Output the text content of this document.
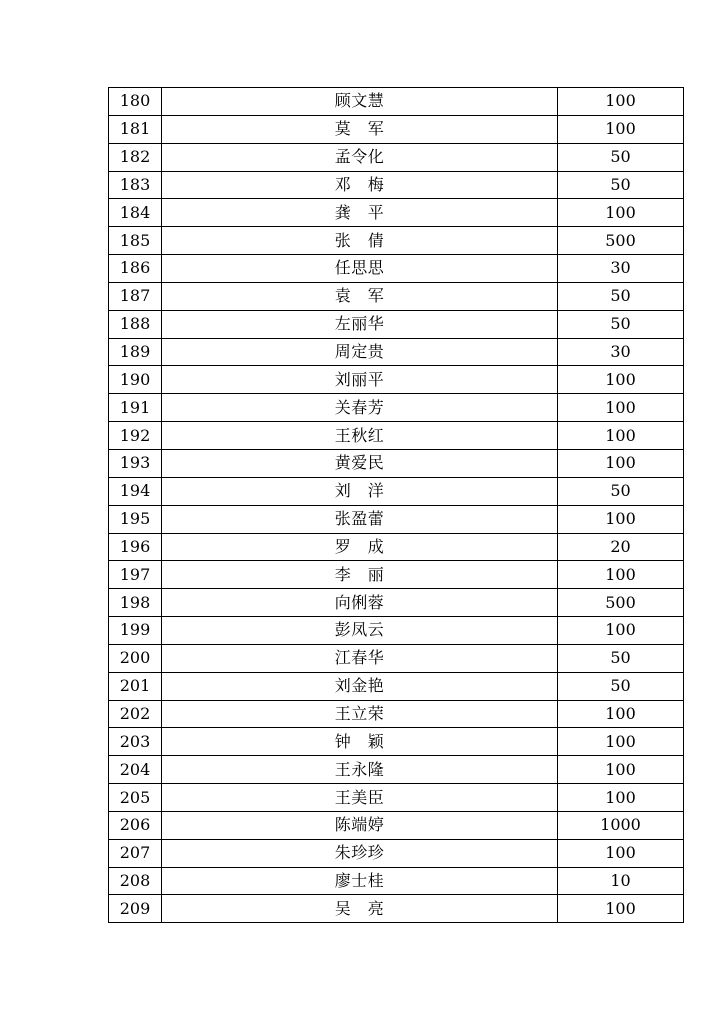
180	顾文慧	100
181	莫　军	100
182	孟令化	50
183	邓　梅	50
184	龚　平	100
185	张　倩	500
186	任思思	30
187	袁　军	50
188	左丽华	50
189	周定贵	30
190	刘丽平	100
191	关春芳	100
192	王秋红	100
193	黄爱民	100
194	刘　洋	50
195	张盈蕾	100
196	罗　成	20
197	李　丽	100
198	向俐蓉	500
199	彭凤云	100
200	江春华	50
201	刘金艳	50
202	王立荣	100
203	钟　颖	100
204	王永隆	100
205	王美臣	100
206	陈端婷	1000
207	朱珍珍	100
208	廖士桂	10
209	吴　亮	100
